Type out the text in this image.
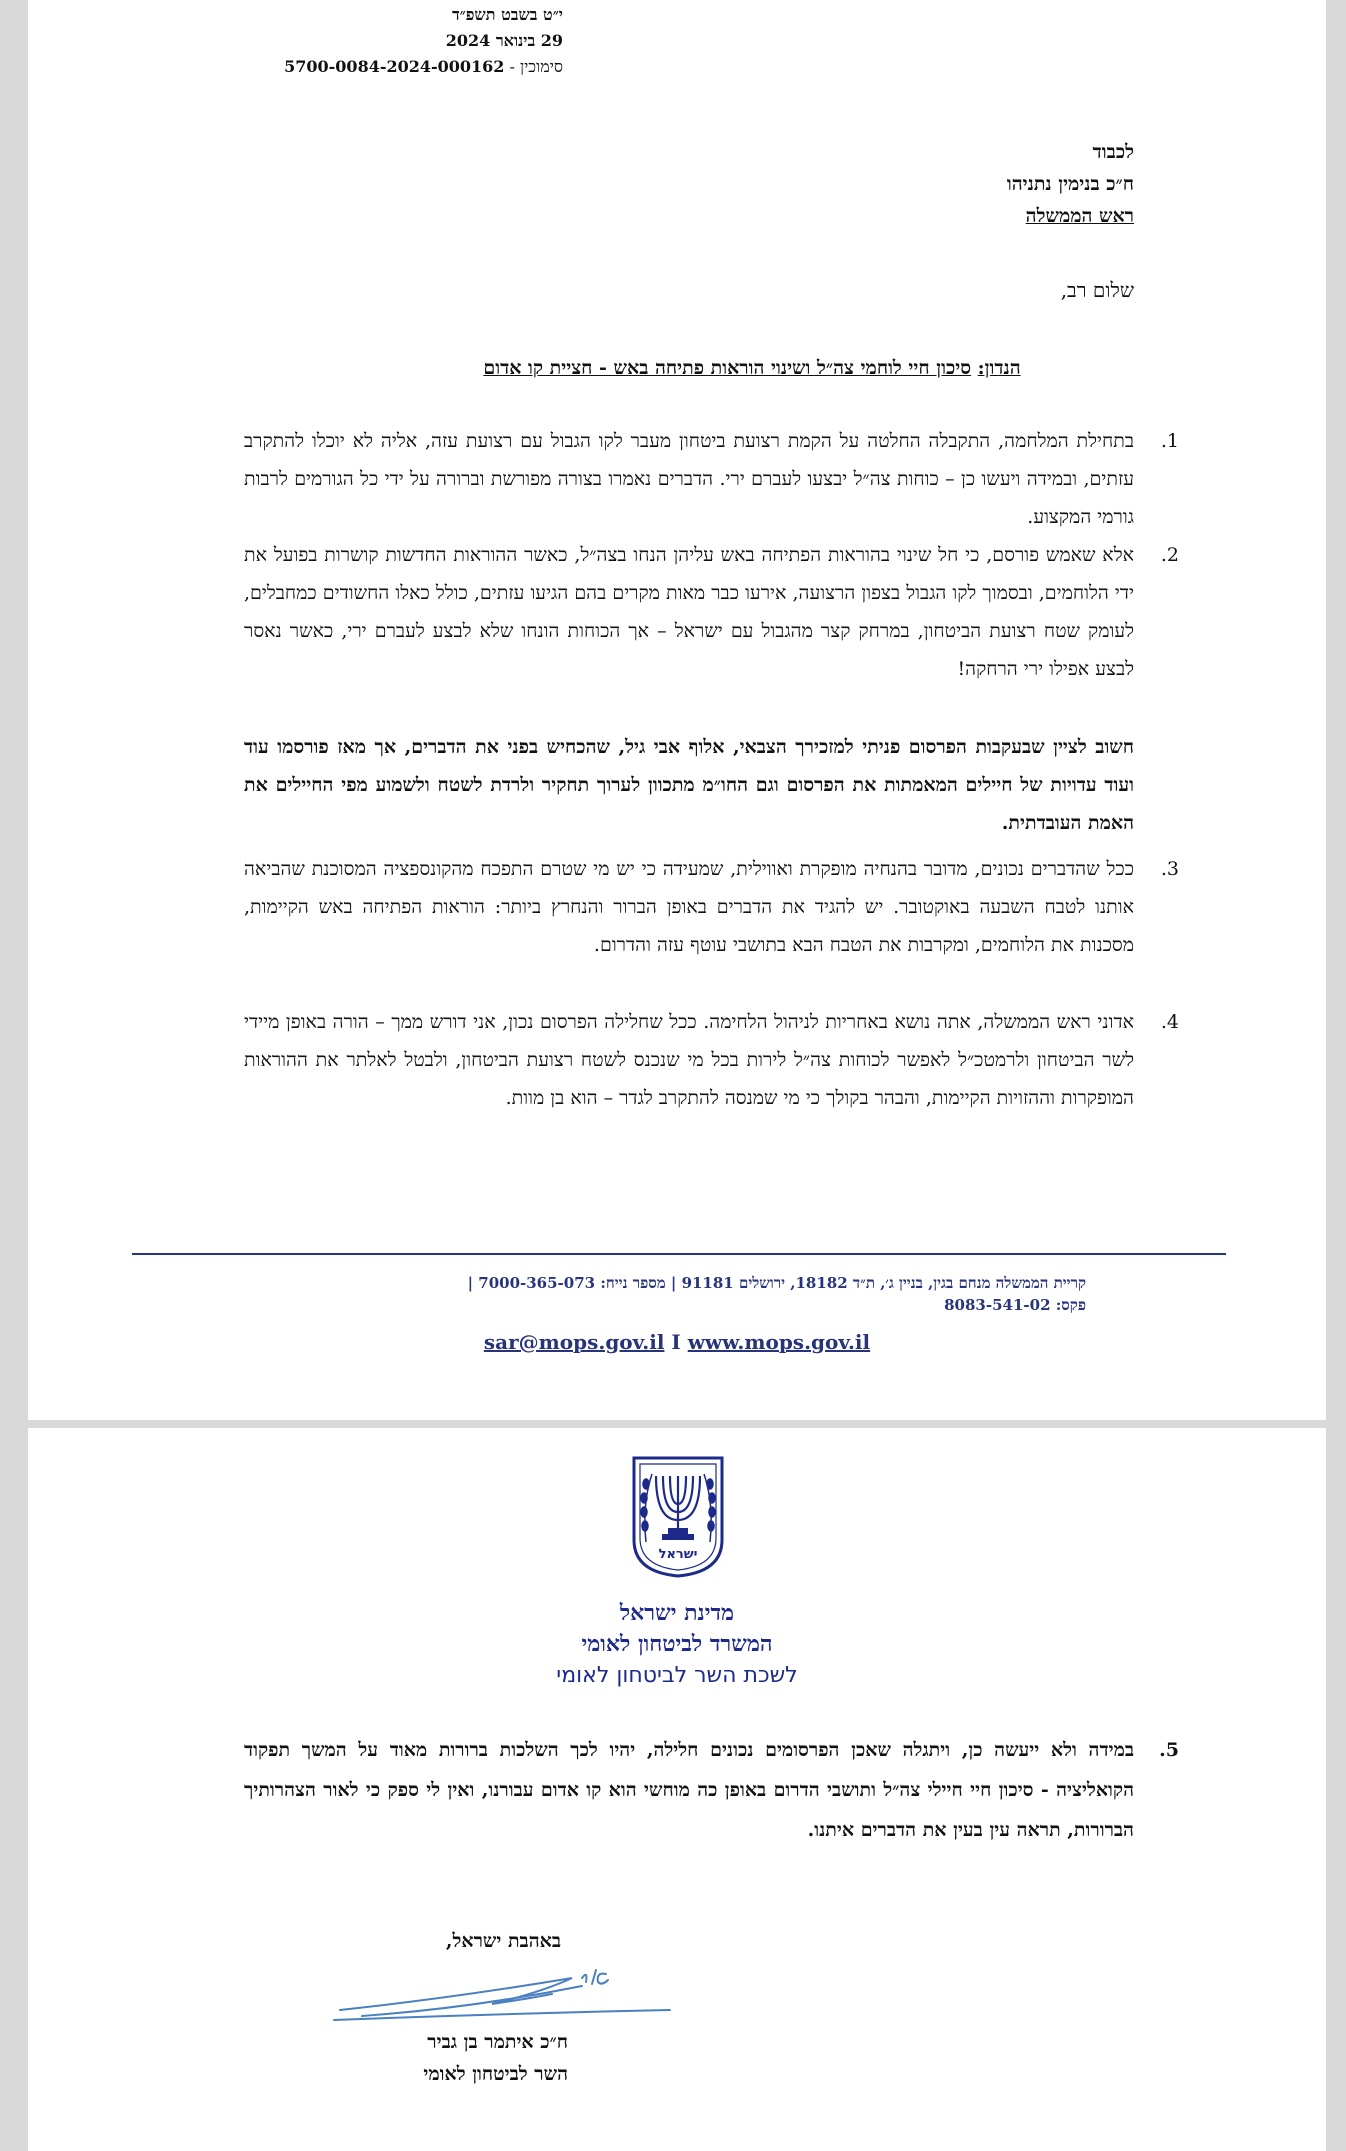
י״ט בשבט תשפ״ד
29 בינואר 2024
סימוכין - 5700-0084-2024-000162
לכבוד
ח״כ בנימין נתניהו
ראש הממשלה
שלום רב,
הנדון: סיכון חיי לוחמי צה״ל ושינוי הוראות פתיחה באש - חציית קו אדום
1.
בתחילת המלחמה, התקבלה החלטה על הקמת רצועת ביטחון מעבר לקו הגבול עם רצועת עזה, אליה לא יוכלו להתקרב עזתים, ובמידה ויעשו כן – כוחות צה״ל יבצעו לעברם ירי. הדברים נאמרו בצורה מפורשת וברורה על ידי כל הגורמים לרבות גורמי המקצוע.
2.
אלא שאמש פורסם, כי חל שינוי בהוראות הפתיחה באש עליהן הנחו בצה״ל, כאשר ההוראות החדשות קושרות בפועל את ידי הלוחמים, ובסמוך לקו הגבול בצפון הרצועה, אירעו כבר מאות מקרים בהם הגיעו עזתים, כולל כאלו החשודים כמחבלים, לעומק שטח רצועת הביטחון, במרחק קצר מהגבול עם ישראל – אך הכוחות הונחו שלא לבצע לעברם ירי, כאשר נאסר לבצע אפילו ירי הרחקה!
חשוב לציין שבעקבות הפרסום פניתי למזכירך הצבאי, אלוף אבי גיל, שהכחיש בפני את הדברים, אך מאז פורסמו עוד ועוד עדויות של חיילים המאמתות את הפרסום וגם החו״מ מתכוון לערוך תחקיר ולרדת לשטח ולשמוע מפי החיילים את האמת העובדתית.
3.
ככל שהדברים נכונים, מדובר בהנחיה מופקרת ואווילית, שמעידה כי יש מי שטרם התפכח מהקונספציה המסוכנת שהביאה אותנו לטבח השבעה באוקטובר. יש להגיד את הדברים באופן הברור והנחרץ ביותר: הוראות הפתיחה באש הקיימות, מסכנות את הלוחמים, ומקרבות את הטבח הבא בתושבי עוטף עזה והדרום.
4.
אדוני ראש הממשלה, אתה נושא באחריות לניהול הלחימה. ככל שחלילה הפרסום נכון, אני דורש ממך – הורה באופן מיידי לשר הביטחון ולרמטכ״ל לאפשר לכוחות צה״ל לירות בכל מי שנכנס לשטח רצועת הביטחון, ולבטל לאלתר את ההוראות המופקרות וההזויות הקיימות, והבהר בקולך כי מי שמנסה להתקרב לגדר – הוא בן מוות.
קריית הממשלה מנחם בגין, בניין ג׳, ת״ד 18182, ירושלים 91181 | מספר נייח: 7000-365-073 |
פקס: 8083-541-02
sar@mops.gov.il I www.mops.gov.il
ישראל
מדינת ישראל
המשרד לביטחון לאומי
לשכת השר לביטחון לאומי
5.
במידה ולא ייעשה כן, ויתגלה שאכן הפרסומים נכונים חלילה, יהיו לכך השלכות ברורות מאוד על המשך תפקוד הקואליציה - סיכון חיי חיילי צה״ל ותושבי הדרום באופן כה מוחשי הוא קו אדום עבורנו, ואין לי ספק כי לאור הצהרותיך הברורות, תראה עין בעין את הדברים איתנו.
באהבת ישראל,
ח״כ איתמר בן גביר
השר לביטחון לאומי
